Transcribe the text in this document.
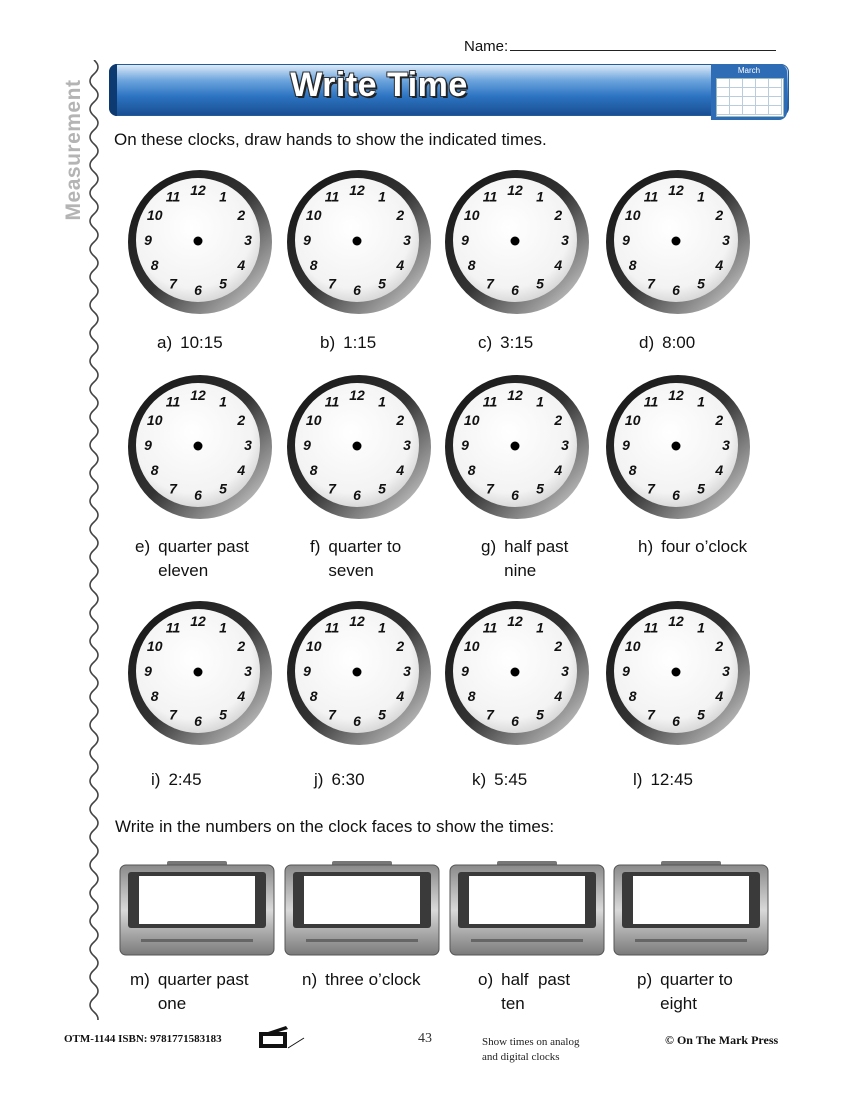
Measurement
Name:
Write Time	March
On these clocks, draw hands to show the indicated times.
12 1
2
3
4
5
6
7
8
9
10
11
a) 10:15
12 1
2
3
4
5
6
7
8
9
10
11
b) 1:15
12 1
2
3
4
5
6
7
8
9
10
11
c) 3:15
12 1
2
3
4
5
6
7
8
9
10
11
d) 8:00
12 1
2
3
4
5
6
7
8
9
10
11
e) quarter past
eleven
12 1
2
3
4
5
6
7
8
9
10
11
f) quarter to
seven
12 1
2
3
4
5
6
7
8
9
10
11
g) half past
nine
12 1
2
3
4
5
6
7
8
9
10
11
h) four o’clock
12 1
2
3
4
5
6
7
8
9
10
11
i) 2:45
12 1
2
3
4
5
6
7
8
9
10
11
j) 6:30
12 1
2
3
4
5
6
7
8
9
10
11
k) 5:45
12 1
2
3
4
5
6
7
8
9
10
11
l) 12:45
Write in the numbers on the clock faces to show the times:
m) quarter past
one
n) three o’clock	o) half  past
ten
p) quarter to
eight
OTM-1144 ISBN: 9781771583183	43	Show times on analog
and digital clocks
© On The Mark Press
